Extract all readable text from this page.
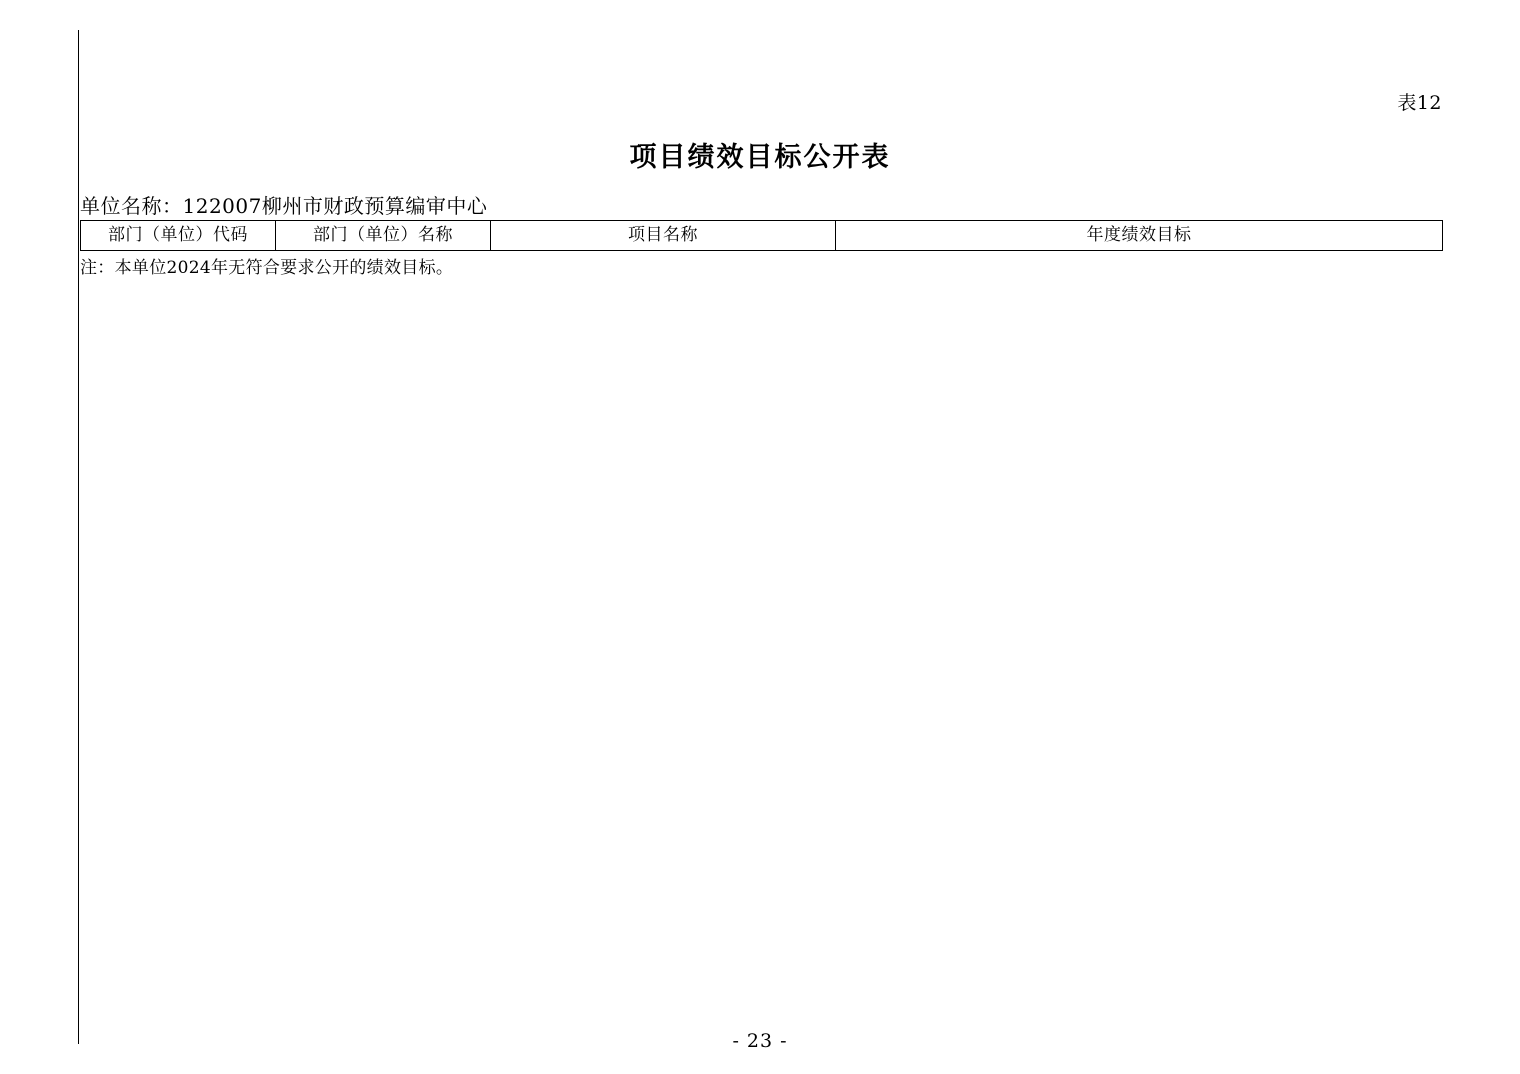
表12
项目绩效目标公开表
单位名称：122007柳州市财政预算编审中心
部门（单位）代码	部门（单位）名称	项目名称	年度绩效目标
注：本单位2024年无符合要求公开的绩效目标。
- 23 -
